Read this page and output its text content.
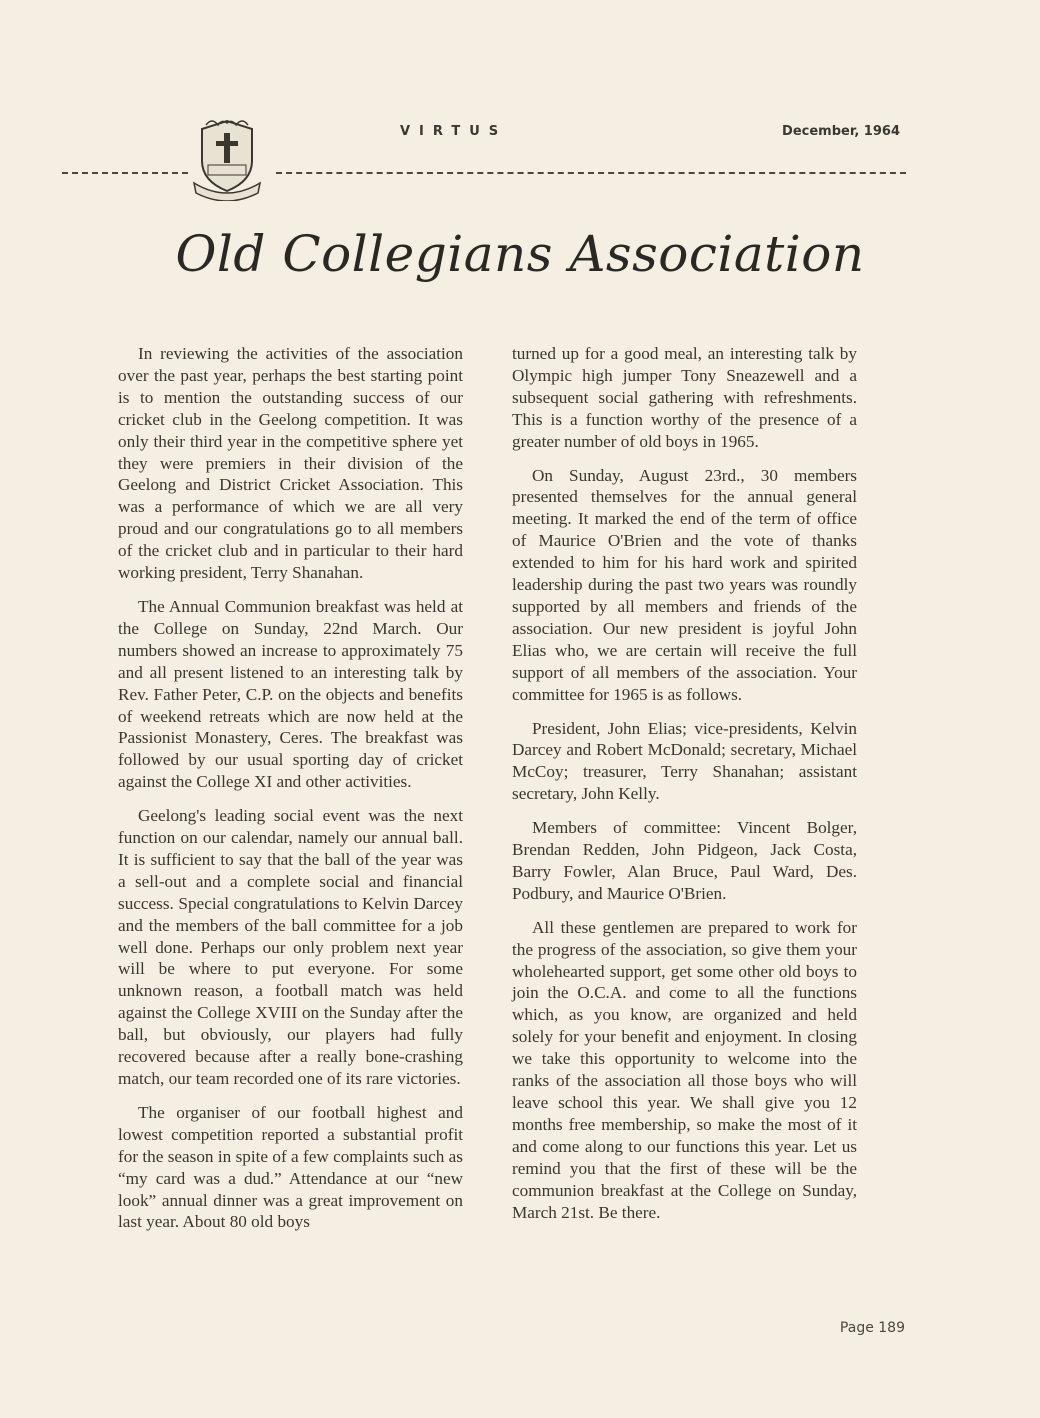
VIRTUS	December, 1964
Old Collegians Association

In reviewing the activities of the association over the past year, perhaps the best starting point is to mention the outstanding success of our cricket club in the Geelong competition. It was only their third year in the competitive sphere yet they were premiers in their division of the Geelong and District Cricket Association. This was a performance of which we are all very proud and our congratulations go to all members of the cricket club and in particular to their hard working president, Terry Shanahan.

The Annual Communion breakfast was held at the College on Sunday, 22nd March. Our numbers showed an increase to approximately 75 and all present listened to an interesting talk by Rev. Father Peter, C.P. on the objects and benefits of weekend retreats which are now held at the Passionist Monastery, Ceres. The breakfast was followed by our usual sporting day of cricket against the College XI and other activities.

Geelong's leading social event was the next function on our calendar, namely our annual ball. It is sufficient to say that the ball of the year was a sell-out and a complete social and financial success. Special congratulations to Kelvin Darcey and the members of the ball committee for a job well done. Perhaps our only problem next year will be where to put everyone. For some unknown reason, a football match was held against the College XVIII on the Sunday after the ball, but obviously, our players had fully recovered because after a really bone-crashing match, our team recorded one of its rare victories.

The organiser of our football highest and lowest competition reported a substantial profit for the season in spite of a few complaints such as “my card was a dud.” Attendance at our “new look” annual dinner was a great improvement on last year. About 80 old boys

turned up for a good meal, an interesting talk by Olympic high jumper Tony Sneazewell and a subsequent social gathering with refreshments. This is a function worthy of the presence of a greater number of old boys in 1965.

On Sunday, August 23rd., 30 members presented themselves for the annual general meeting. It marked the end of the term of office of Maurice O'Brien and the vote of thanks extended to him for his hard work and spirited leadership during the past two years was roundly supported by all members and friends of the association. Our new president is joyful John Elias who, we are certain will receive the full support of all members of the association. Your committee for 1965 is as follows.

President, John Elias; vice-presidents, Kelvin Darcey and Robert McDonald; secretary, Michael McCoy; treasurer, Terry Shanahan; assistant secretary, John Kelly.

Members of committee: Vincent Bolger, Brendan Redden, John Pidgeon, Jack Costa, Barry Fowler, Alan Bruce, Paul Ward, Des. Podbury, and Maurice O'Brien.

All these gentlemen are prepared to work for the progress of the association, so give them your wholehearted support, get some other old boys to join the O.C.A. and come to all the functions which, as you know, are organized and held solely for your benefit and enjoyment. In closing we take this opportunity to welcome into the ranks of the association all those boys who will leave school this year. We shall give you 12 months free membership, so make the most of it and come along to our functions this year. Let us remind you that the first of these will be the communion breakfast at the College on Sunday, March 21st. Be there.

Page 189
